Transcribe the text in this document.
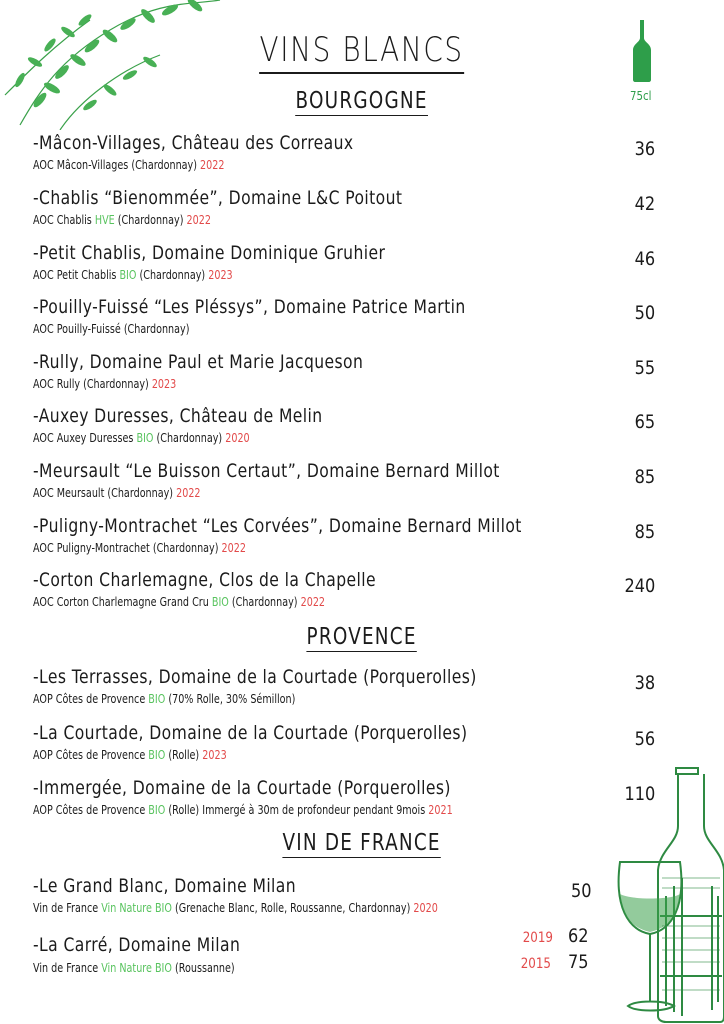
VINS BLANCS
75cl
BOURGOGNE
-Mâcon-Villages, Château des Correaux
AOC Mâcon-Villages (Chardonnay) 2022
36
-Chablis “Bienommée”, Domaine L&C Poitout
AOC Chablis HVE (Chardonnay) 2022
42
-Petit Chablis, Domaine Dominique Gruhier
AOC Petit Chablis BIO (Chardonnay) 2023
46
-Pouilly-Fuissé “Les Pléssys”, Domaine Patrice Martin
AOC Pouilly-Fuissé (Chardonnay)
50
-Rully, Domaine Paul et Marie Jacqueson
AOC Rully (Chardonnay) 2023
55
-Auxey Duresses, Château de Melin
AOC Auxey Duresses BIO (Chardonnay) 2020
65
-Meursault “Le Buisson Certaut”, Domaine Bernard Millot
AOC Meursault (Chardonnay) 2022
85
-Puligny-Montrachet “Les Corvées”, Domaine Bernard Millot
AOC Puligny-Montrachet (Chardonnay) 2022
85
-Corton Charlemagne, Clos de la Chapelle
AOC Corton Charlemagne Grand Cru BIO (Chardonnay) 2022
240
PROVENCE
-Les Terrasses, Domaine de la Courtade (Porquerolles)
AOP Côtes de Provence BIO (70% Rolle, 30% Sémillon)
38
-La Courtade, Domaine de la Courtade (Porquerolles)
AOP Côtes de Provence BIO (Rolle) 2023
56
-Immergée, Domaine de la Courtade (Porquerolles)
AOP Côtes de Provence BIO (Rolle) Immergé à 30m de profondeur pendant 9mois 2021
110
VIN DE FRANCE
-Le Grand Blanc, Domaine Milan
Vin de France Vin Nature BIO (Grenache Blanc, Rolle, Roussanne, Chardonnay) 2020
50
-La Carré, Domaine Milan
Vin de France Vin Nature BIO (Roussanne)
2019 62
2015 75
